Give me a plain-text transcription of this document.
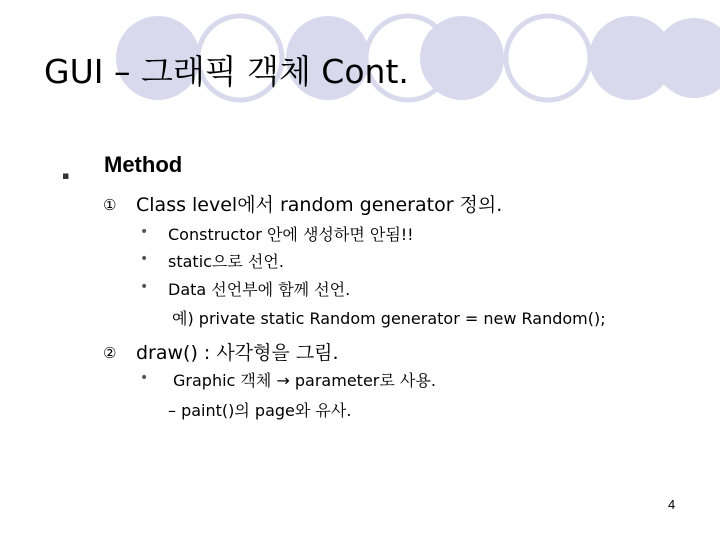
GUI – 그래픽 객체 Cont.
▪ Method
① Class level에서 random generator 정의.
• Constructor 안에 생성하면 안됨!!
• static으로 선언.
• Data 선언부에 함께 선언.
예) private static Random generator = new Random();
② draw() : 사각형을 그림.
• Graphic 객체 → parameter로 사용.
– paint()의 page와 유사.
4
